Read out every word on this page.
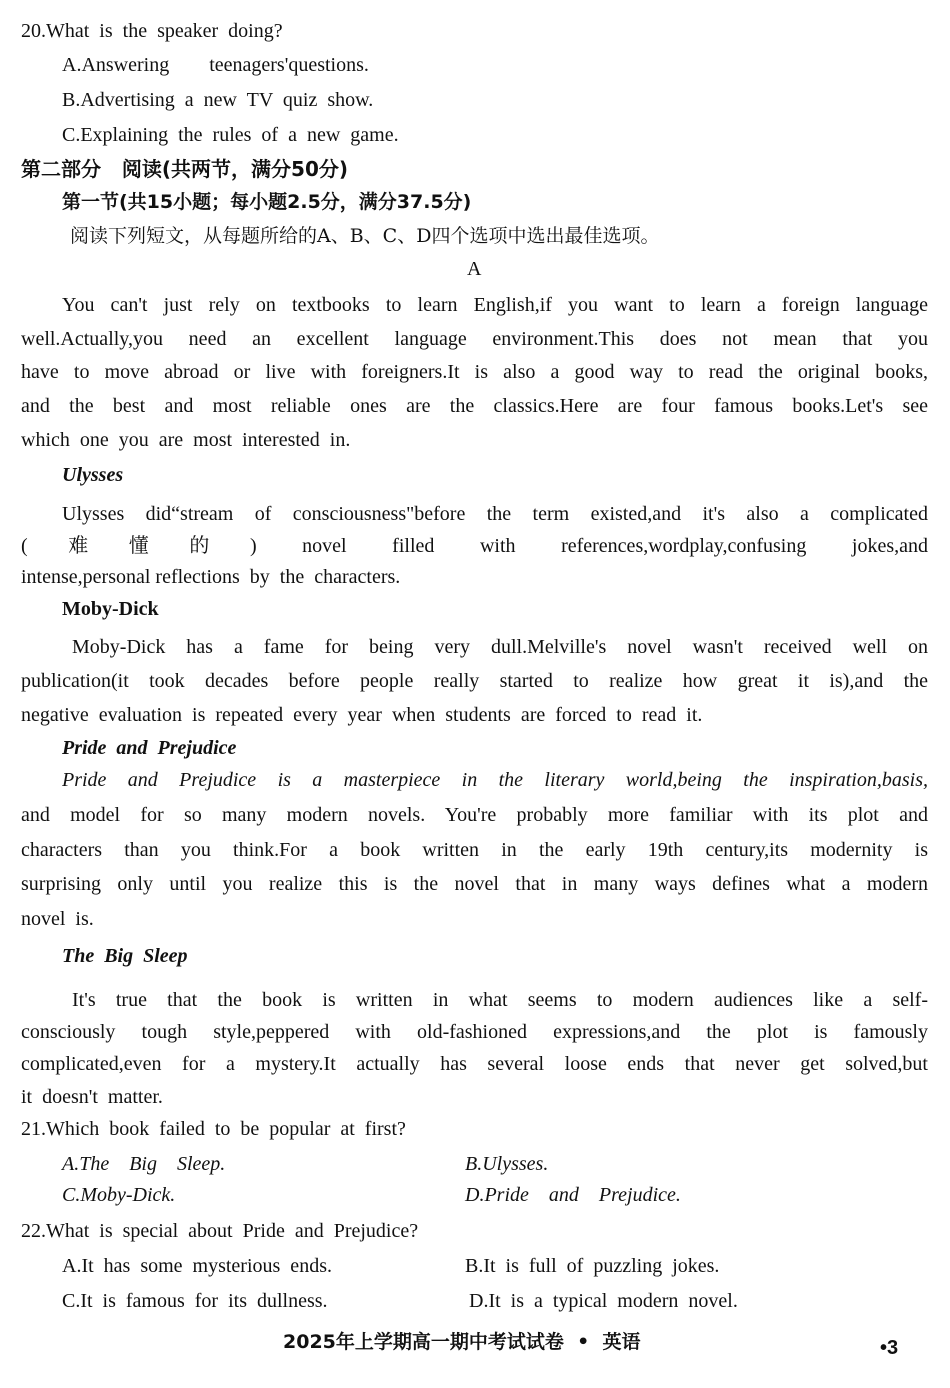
20.What  is  the  speaker  doing?
A.Answering        teenagers'questions.
B.Advertising  a  new  TV  quiz  show.
C.Explaining  the  rules  of  a  new  game.
第二部分   阅读(共两节，满分50分)
第一节(共15小题；每小题2.5分，满分37.5分)
阅读下列短文，从每题所给的A、B、C、D四个选项中选出最佳选项。
A
You can't just rely on textbooks to learn English,if you want to learn a foreign language
well.Actually,you need an excellent language environment.This does not mean that you
have to move abroad or live with foreigners.It is also a good way to read the original books,
and the best and most reliable ones are the classics.Here are four famous books.Let's see
which  one  you  are  most  interested  in.
Ulysses
Ulysses did“stream of consciousness"before the term existed,and it's also a complicated
(难懂的) novel filled with references,wordplay,confusing jokes,and
intense,personal reflections  by  the  characters.
Moby-Dick
Moby-Dick has a fame for being very dull.Melville's novel wasn't received well on
publication(it took decades before people really started to realize how great it is),and the
negative  evaluation  is  repeated  every  year  when  students  are  forced  to  read  it.
Pride  and  Prejudice
Pride and Prejudice is a masterpiece in the literary world,being the inspiration,basis,
and model for so many modern novels. You're probably more familiar with its plot and
characters than you think.For a book written in the early 19th century,its modernity is
surprising only until you realize this is the novel that in many ways defines what a modern
novel  is.
The  Big  Sleep
It's true that the book is written in what seems to modern audiences like a self-
consciously tough style,peppered with old-fashioned expressions,and the plot is famously
complicated,even for a mystery.It actually has several loose ends that never get solved,but
it  doesn't  matter.
21.Which  book  failed  to  be  popular  at  first?
A.The    Big    Sleep.	B.Ulysses.
C.Moby-Dick.	D.Pride    and    Prejudice.
22.What  is  special  about  Pride  and  Prejudice?
A.It  has  some  mysterious  ends.	B.It  is  full  of  puzzling  jokes.
C.It  is  famous  for  its  dullness.	D.It  is  a  typical  modern  novel.
2025年上学期高一期中考试试卷  •  英语	•3
